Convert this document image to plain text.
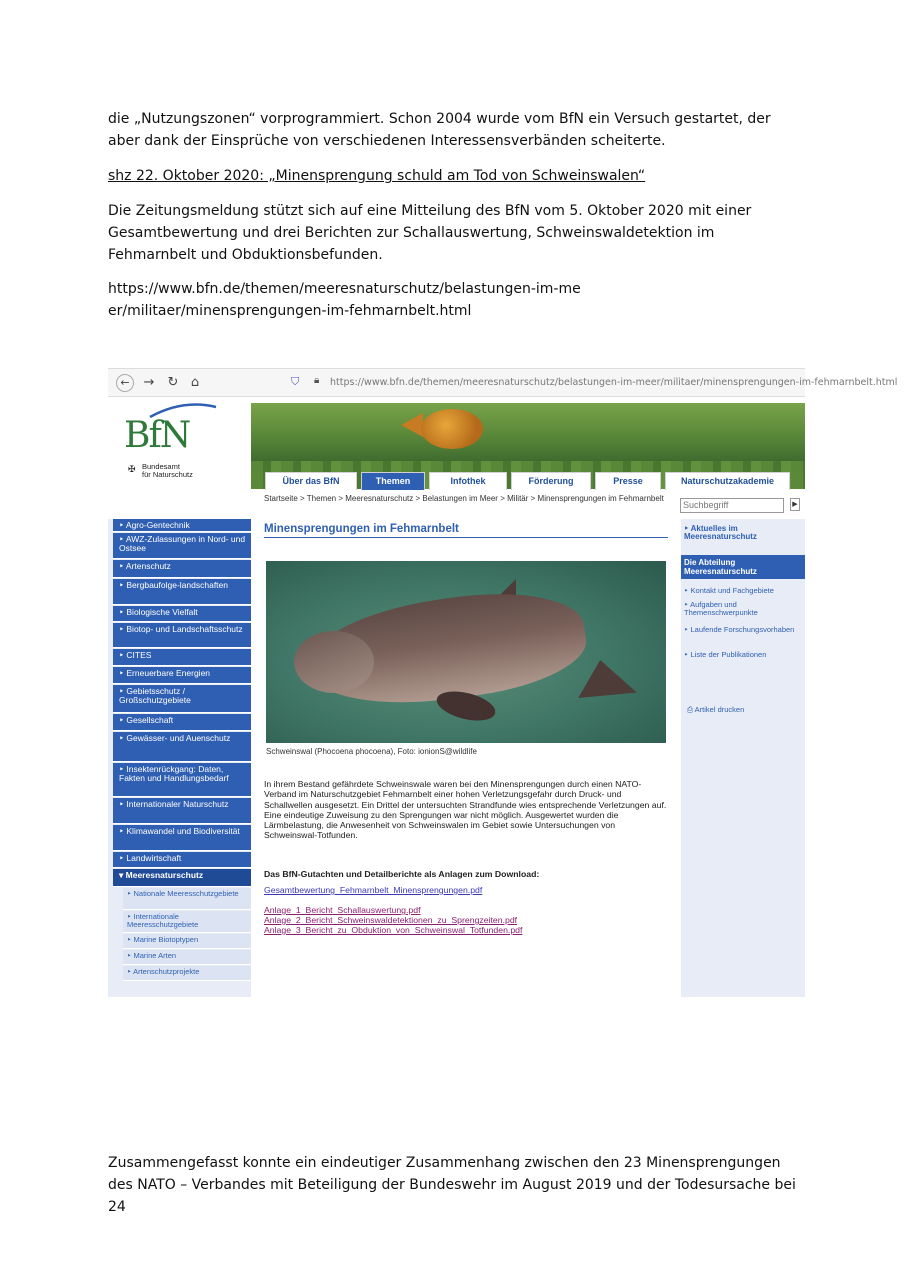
die „Nutzungszonen“ vorprogrammiert. Schon 2004 wurde vom BfN ein Versuch gestartet, der aber dank der Einsprüche von verschiedenen Interessensverbänden scheiterte.
shz 22. Oktober 2020: „Minensprengung schuld am Tod von Schweinswalen“
Die Zeitungsmeldung stützt sich auf eine Mitteilung des BfN vom 5. Oktober 2020 mit einer Gesamtbewertung und drei Berichten zur Schallauswertung, Schweinswaldetektion im Fehmarnbelt und Obduktionsbefunden.
https://www.bfn.de/themen/meeresnaturschutz/belastungen-im-meer/militaer/minensprengungen-im-fehmarnbelt.html
←	→ ↻ ⌂	⛉ 🔒︎ https://www.bfn.de/themen/meeresnaturschutz/belastungen-im-meer/militaer/minensprengungen-im-fehmarnbelt.html
BfN
✠ Bundesamt
für Naturschutz
Über das BfN	Themen	Infothek	Förderung	Presse	Naturschutzakademie
Startseite > Themen > Meeresnaturschutz > Belastungen im Meer > Militär > Minensprengungen im Fehmarnbelt
Suchbegriff	▶
‣ Agro-Gentechnik
‣ AWZ-Zulassungen in Nord- und Ostsee
‣ Artenschutz
‣ Bergbaufolge-landschaften
‣ Biologische Vielfalt
‣ Biotop- und Landschaftsschutz
‣ CITES
‣ Erneuerbare Energien
‣ Gebietsschutz / Großschutzgebiete
‣ Gesellschaft
‣ Gewässer- und Auenschutz
‣ Insektenrückgang: Daten, Fakten und Handlungsbedarf
‣ Internationaler Naturschutz
‣ Klimawandel und Biodiversität
‣ Landwirtschaft
▾ Meeresnaturschutz
‣ Nationale Meeresschutzgebiete
‣ Internationale Meeresschutzgebiete
‣ Marine Biotoptypen
‣ Marine Arten
‣ Artenschutzprojekte
Minensprengungen im Fehmarnbelt
Schweinswal (Phocoena phocoena), Foto: ionionS@wildlife
In ihrem Bestand gefährdete Schweinswale waren bei den Minensprengungen durch einen NATO-Verband im Naturschutzgebiet Fehmarnbelt einer hohen Verletzungsgefahr durch Druck- und Schallwellen ausgesetzt. Ein Drittel der untersuchten Strandfunde wies entsprechende Verletzungen auf. Eine eindeutige Zuweisung zu den Sprengungen war nicht möglich. Ausgewertet wurden die Lärmbelastung, die Anwesenheit von Schweinswalen im Gebiet sowie Untersuchungen von Schweinswal-Totfunden.
Das BfN-Gutachten und Detailberichte als Anlagen zum Download:
Gesamtbewertung_Fehmarnbelt_Minensprengungen.pdf
Anlage_1_Bericht_Schallauswertung.pdf
Anlage_2_Bericht_Schweinswaldetektionen_zu_Sprengzeiten.pdf
Anlage_3_Bericht_zu_Obduktion_von_Schweinswal_Totfunden.pdf
‣ Aktuelles im Meeresnaturschutz
Die Abteilung Meeresnaturschutz
‣ Kontakt und Fachgebiete
‣ Aufgaben und Themenschwerpunkte
‣ Laufende Forschungsvorhaben
‣ Liste der Publikationen
⎙ Artikel drucken
Zusammengefasst konnte ein eindeutiger Zusammenhang zwischen den 23 Minensprengungen des NATO – Verbandes mit Beteiligung der Bundeswehr im August 2019 und der Todesursache bei 24
